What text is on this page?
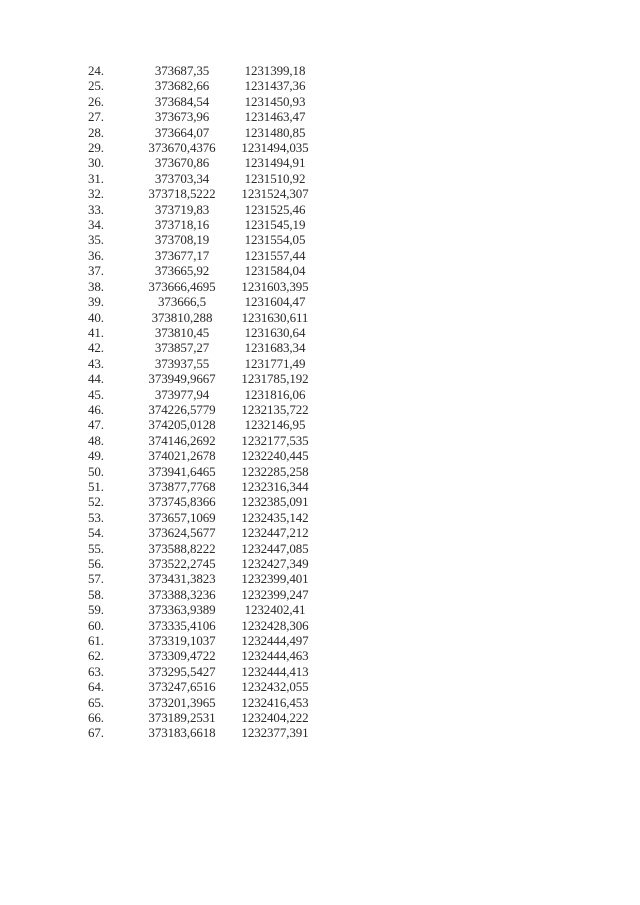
24.	373687,35	1231399,18
25.	373682,66	1231437,36
26.	373684,54	1231450,93
27.	373673,96	1231463,47
28.	373664,07	1231480,85
29.	373670,4376	1231494,035
30.	373670,86	1231494,91
31.	373703,34	1231510,92
32.	373718,5222	1231524,307
33.	373719,83	1231525,46
34.	373718,16	1231545,19
35.	373708,19	1231554,05
36.	373677,17	1231557,44
37.	373665,92	1231584,04
38.	373666,4695	1231603,395
39.	373666,5	1231604,47
40.	373810,288	1231630,611
41.	373810,45	1231630,64
42.	373857,27	1231683,34
43.	373937,55	1231771,49
44.	373949,9667	1231785,192
45.	373977,94	1231816,06
46.	374226,5779	1232135,722
47.	374205,0128	1232146,95
48.	374146,2692	1232177,535
49.	374021,2678	1232240,445
50.	373941,6465	1232285,258
51.	373877,7768	1232316,344
52.	373745,8366	1232385,091
53.	373657,1069	1232435,142
54.	373624,5677	1232447,212
55.	373588,8222	1232447,085
56.	373522,2745	1232427,349
57.	373431,3823	1232399,401
58.	373388,3236	1232399,247
59.	373363,9389	1232402,41
60.	373335,4106	1232428,306
61.	373319,1037	1232444,497
62.	373309,4722	1232444,463
63.	373295,5427	1232444,413
64.	373247,6516	1232432,055
65.	373201,3965	1232416,453
66.	373189,2531	1232404,222
67.	373183,6618	1232377,391
